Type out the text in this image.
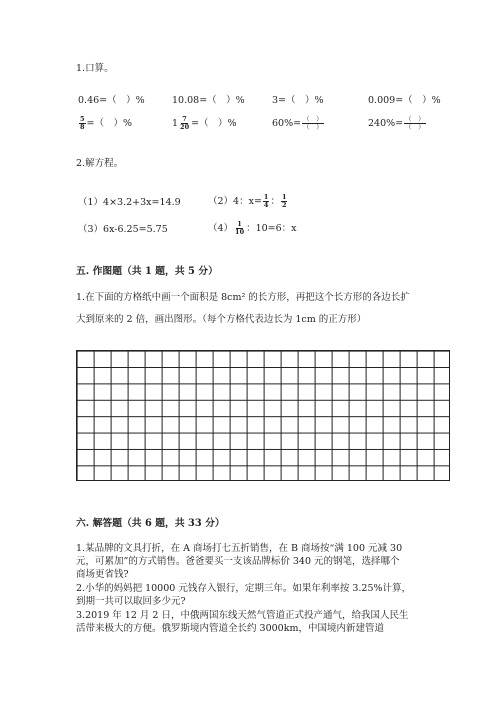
1.口算。
0.46=（　）%	10.08=（　）%	3=（　）%	0.009=（　）%
$\frac{5}{8}$ =（　）%	$1 \frac{7}{20}$ =（　）%	$60\%= \frac{( )}{( )}$	$240\%= \frac{( )}{( )}$
2.解方程。
（1）4×3.2+3x=14.9	（2）4：$x= \frac{1}{4}$ ： $\frac{1}{2}$
（3）6x-6.25=5.75	$(4) \frac{1}{10}$ ：10=6：x
五. 作图题（共 1 题，共 5 分）
1.在下面的方格纸中画一个面积是 8cm² 的长方形，再把这个长方形的各边长扩
大到原来的 2 倍，画出图形。（每个方格代表边长为 1cm 的正方形）
六. 解答题（共 6 题，共 33 分）
1.某品牌的文具打折，在 A 商场打七五折销售，在 B 商场按“满 100 元减 30
元，可累加”的方式销售。爸爸要买一支该品牌标价 340 元的钢笔，选择哪个
商场更省钱?
2.小华的妈妈把 10000 元钱存入银行，定期三年。如果年利率按 3.25%计算，
到期一共可以取回多少元?
3.2019 年 12 月 2 日，中俄两国东线天然气管道正式投产通气，给我国人民生
活带来极大的方便。俄罗斯境内管道全长约 3000km，中国境内新建管道
